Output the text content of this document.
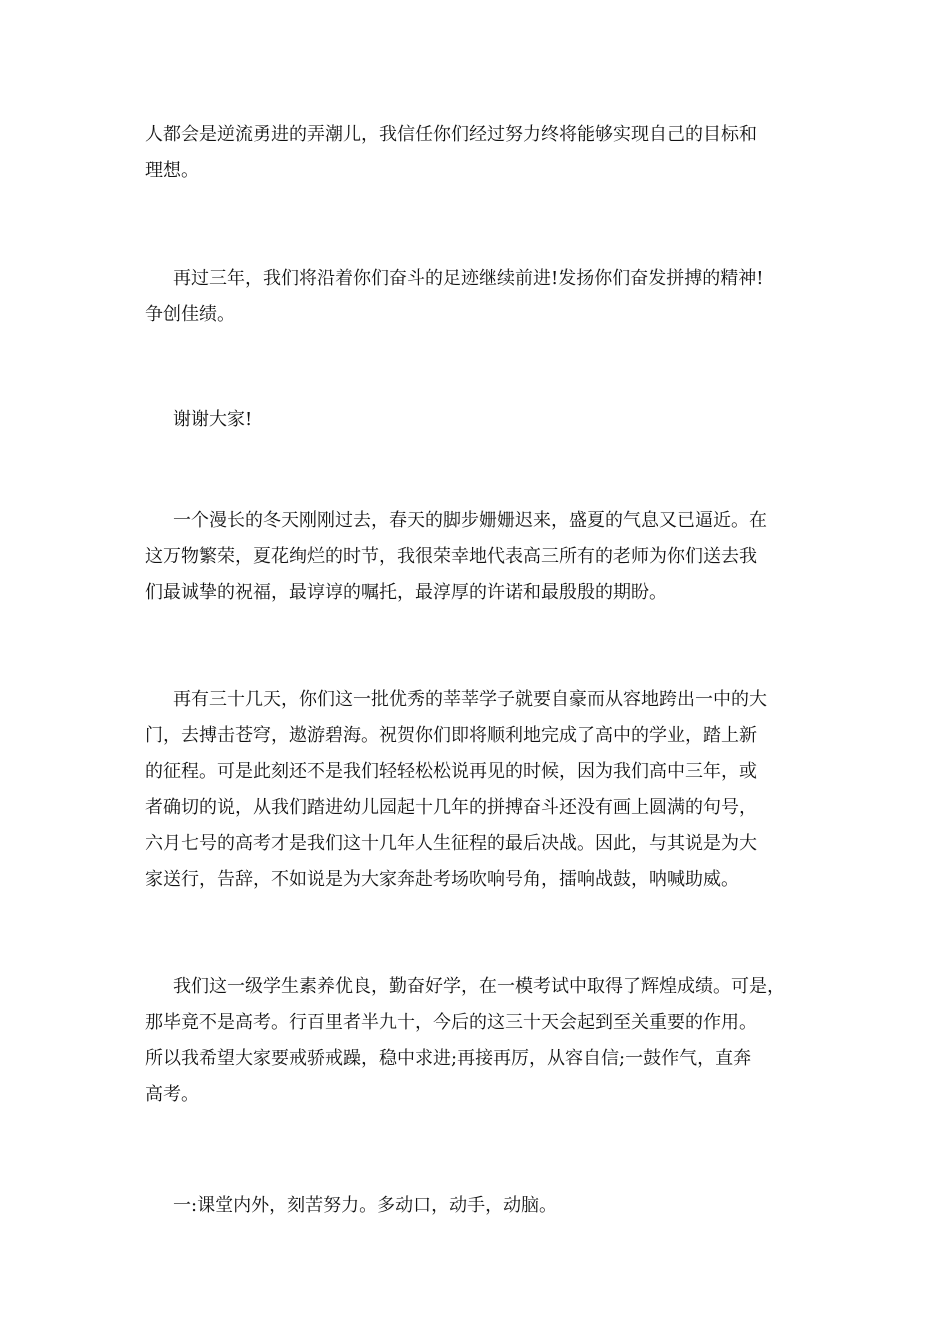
人都会是逆流勇进的弄潮儿，我信任你们经过努力终将能够实现自己的目标和
理想。
再过三年，我们将沿着你们奋斗的足迹继续前进!发扬你们奋发拼搏的精神!
争创佳绩。
谢谢大家!
一个漫长的冬天刚刚过去，春天的脚步姗姗迟来，盛夏的气息又已逼近。在
这万物繁荣，夏花绚烂的时节，我很荣幸地代表高三所有的老师为你们送去我
们最诚挚的祝福，最谆谆的嘱托，最淳厚的许诺和最殷殷的期盼。
再有三十几天，你们这一批优秀的莘莘学子就要自豪而从容地跨出一中的大
门，去搏击苍穹，遨游碧海。祝贺你们即将顺利地完成了高中的学业，踏上新
的征程。可是此刻还不是我们轻轻松松说再见的时候，因为我们高中三年，或
者确切的说，从我们踏进幼儿园起十几年的拼搏奋斗还没有画上圆满的句号，
六月七号的高考才是我们这十几年人生征程的最后决战。因此，与其说是为大
家送行，告辞，不如说是为大家奔赴考场吹响号角，擂响战鼓，呐喊助威。
我们这一级学生素养优良，勤奋好学，在一模考试中取得了辉煌成绩。可是，
那毕竟不是高考。行百里者半九十，今后的这三十天会起到至关重要的作用。
所以我希望大家要戒骄戒躁，稳中求进;再接再厉，从容自信;一鼓作气，直奔
高考。
一:课堂内外，刻苦努力。多动口，动手，动脑。
